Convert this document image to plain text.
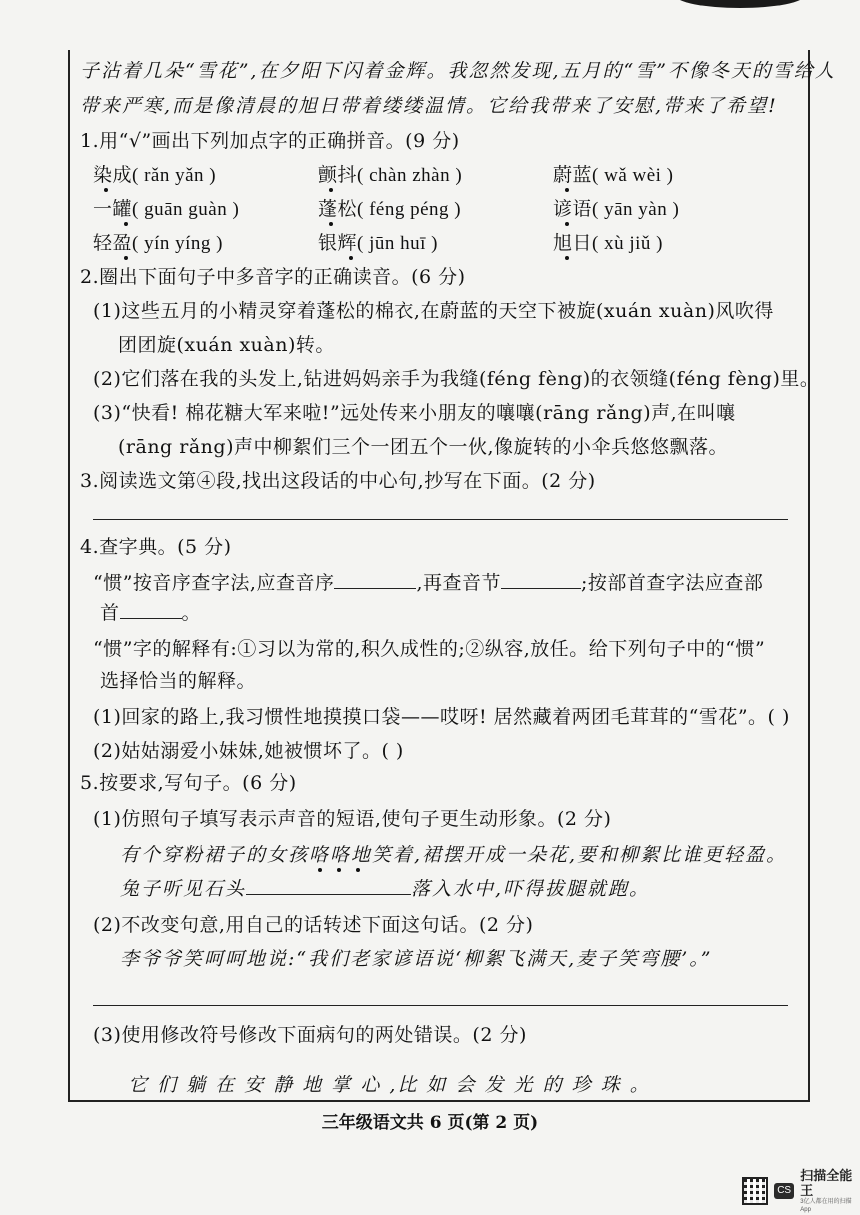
子沾着几朵“雪花”,在夕阳下闪着金辉。我忽然发现,五月的“雪”不像冬天的雪给人
带来严寒,而是像清晨的旭日带着缕缕温情。它给我带来了安慰,带来了希望!
1.用“√”画出下列加点字的正确拼音。(9 分)
染成( rǎn yǎn )	颤抖( chàn zhàn )	蔚蓝( wǎ wèi )
一罐( guān guàn )	蓬松( féng péng )	谚语( yān yàn )
轻盈( yín yíng )	银辉( jūn huī )	旭日( xù jiǔ )
2.圈出下面句子中多音字的正确读音。(6 分)
(1)这些五月的小精灵穿着蓬松的棉衣,在蔚蓝的天空下被旋(xuán xuàn)风吹得
团团旋(xuán xuàn)转。
(2)它们落在我的头发上,钻进妈妈亲手为我缝(féng fèng)的衣领缝(féng fèng)里。
(3)“快看! 棉花糖大军来啦!”远处传来小朋友的嚷嚷(rāng rǎng)声,在叫嚷
(rāng rǎng)声中柳絮们三个一团五个一伙,像旋转的小伞兵悠悠飘落。
3.阅读选文第④段,找出这段话的中心句,抄写在下面。(2 分)
4.查字典。(5 分)
“惯”按音序查字法,应查音序	,再查音节	;按部首查字法应查部
首	。
“惯”字的解释有:①习以为常的,积久成性的;②纵容,放任。给下列句子中的“惯”
选择恰当的解释。
(1)回家的路上,我习惯性地摸摸口袋——哎呀! 居然藏着两团毛茸茸的“雪花”。( )
(2)姑姑溺爱小妹妹,她被惯坏了。( )
5.按要求,写句子。(6 分)
(1)仿照句子填写表示声音的短语,使句子更生动形象。(2 分)
有个穿粉裙子的女孩咯咯地笑着,裙摆开成一朵花,要和柳絮比谁更轻盈。
兔子听见石头	落入水中,吓得拔腿就跑。
(2)不改变句意,用自己的话转述下面这句话。(2 分)
李爷爷笑呵呵地说:“我们老家谚语说‘柳絮飞满天,麦子笑弯腰’。”
(3)使用修改符号修改下面病句的两处错误。(2 分)
它 们 躺 在 安 静 地 掌 心 ,比 如 会 发 光 的 珍 珠 。
三年级语文共 6 页(第 2 页)
CS
扫描全能王
3亿人都在用的扫描App
